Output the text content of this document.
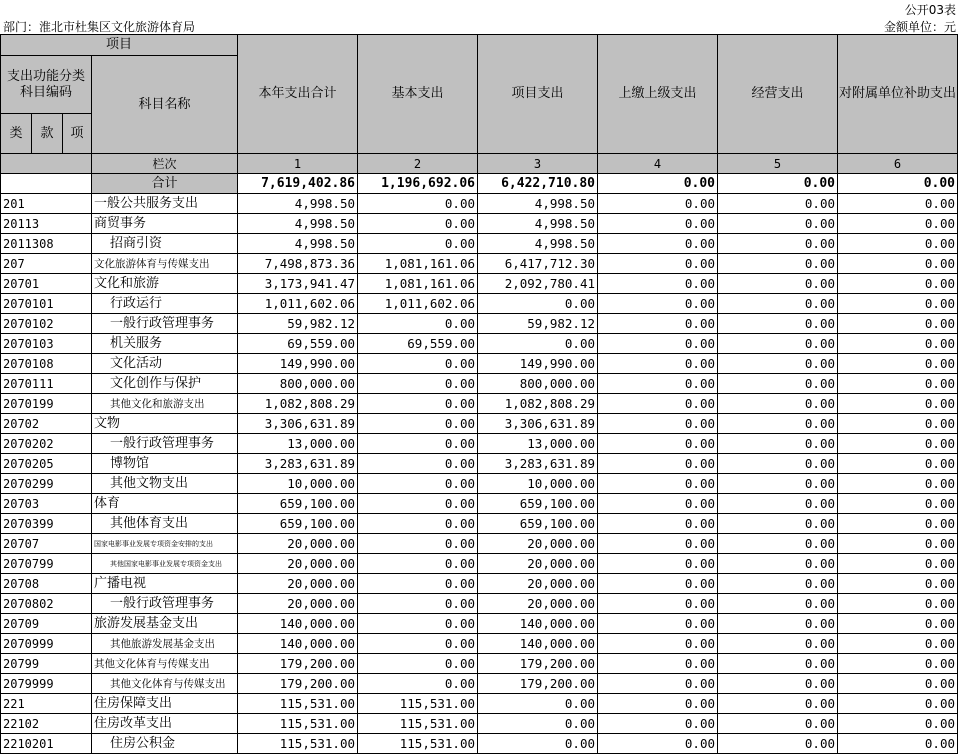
公开03表
部门：淮北市杜集区文化旅游体育局	金额单位：元
项目				本年支出合计	基本支出	项目支出	上缴上级支出	经营支出	对附属单位补助支出
支出功能分类科目编码			科目名称						
类	款	项							
			栏次	1	2	3	4	5	6
			合计	7,619,402.86	1,196,692.06	6,422,710.80	0.00	0.00	0.00
201			一般公共服务支出	4,998.50	0.00	4,998.50	0.00	0.00	0.00
20113			商贸事务	4,998.50	0.00	4,998.50	0.00	0.00	0.00
2011308			招商引资	4,998.50	0.00	4,998.50	0.00	0.00	0.00
207			文化旅游体育与传媒支出	7,498,873.36	1,081,161.06	6,417,712.30	0.00	0.00	0.00
20701			文化和旅游	3,173,941.47	1,081,161.06	2,092,780.41	0.00	0.00	0.00
2070101			行政运行	1,011,602.06	1,011,602.06	0.00	0.00	0.00	0.00
2070102			一般行政管理事务	59,982.12	0.00	59,982.12	0.00	0.00	0.00
2070103			机关服务	69,559.00	69,559.00	0.00	0.00	0.00	0.00
2070108			文化活动	149,990.00	0.00	149,990.00	0.00	0.00	0.00
2070111			文化创作与保护	800,000.00	0.00	800,000.00	0.00	0.00	0.00
2070199			其他文化和旅游支出	1,082,808.29	0.00	1,082,808.29	0.00	0.00	0.00
20702			文物	3,306,631.89	0.00	3,306,631.89	0.00	0.00	0.00
2070202			一般行政管理事务	13,000.00	0.00	13,000.00	0.00	0.00	0.00
2070205			博物馆	3,283,631.89	0.00	3,283,631.89	0.00	0.00	0.00
2070299			其他文物支出	10,000.00	0.00	10,000.00	0.00	0.00	0.00
20703			体育	659,100.00	0.00	659,100.00	0.00	0.00	0.00
2070399			其他体育支出	659,100.00	0.00	659,100.00	0.00	0.00	0.00
20707			国家电影事业发展专项资金安排的支出	20,000.00	0.00	20,000.00	0.00	0.00	0.00
2070799			其他国家电影事业发展专项资金支出	20,000.00	0.00	20,000.00	0.00	0.00	0.00
20708			广播电视	20,000.00	0.00	20,000.00	0.00	0.00	0.00
2070802			一般行政管理事务	20,000.00	0.00	20,000.00	0.00	0.00	0.00
20709			旅游发展基金支出	140,000.00	0.00	140,000.00	0.00	0.00	0.00
2070999			其他旅游发展基金支出	140,000.00	0.00	140,000.00	0.00	0.00	0.00
20799			其他文化体育与传媒支出	179,200.00	0.00	179,200.00	0.00	0.00	0.00
2079999			其他文化体育与传媒支出	179,200.00	0.00	179,200.00	0.00	0.00	0.00
221			住房保障支出	115,531.00	115,531.00	0.00	0.00	0.00	0.00
22102			住房改革支出	115,531.00	115,531.00	0.00	0.00	0.00	0.00
2210201			住房公积金	115,531.00	115,531.00	0.00	0.00	0.00	0.00
